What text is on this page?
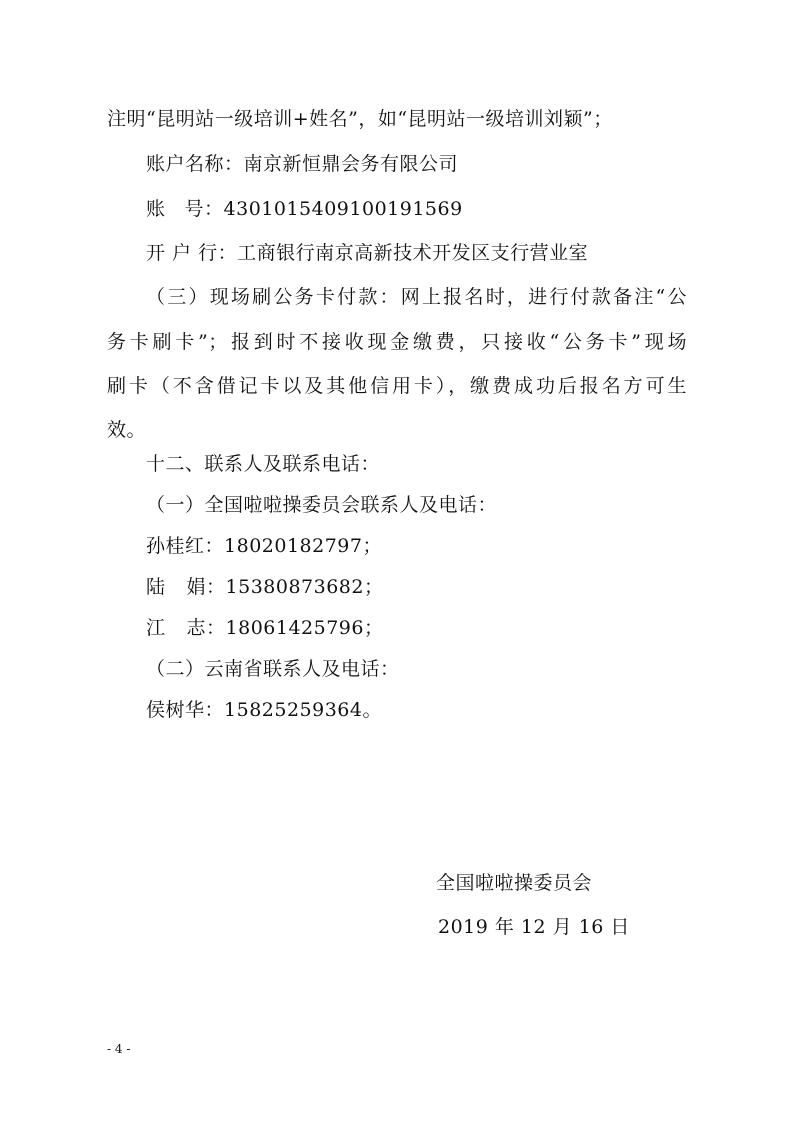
注明“昆明站一级培训+姓名”，如“昆明站一级培训刘颖”；
账户名称：南京新恒鼎会务有限公司
账号：4301015409100191569
开 户 行：工商银行南京高新技术开发区支行营业室
（三）现场刷公务卡付款：网上报名时，进行付款备注“公
务卡刷卡”；报到时不接收现金缴费，只接收“公务卡”现场
刷卡（不含借记卡以及其他信用卡），缴费成功后报名方可生
效。
十二、联系人及联系电话：
（一）全国啦啦操委员会联系人及电话：
孙桂红：18020182797；
陆娟：15380873682；
江志：18061425796；
（二）云南省联系人及电话：
侯树华：15825259364。
全国啦啦操委员会
2019 年 12 月 16 日
- 4 -
